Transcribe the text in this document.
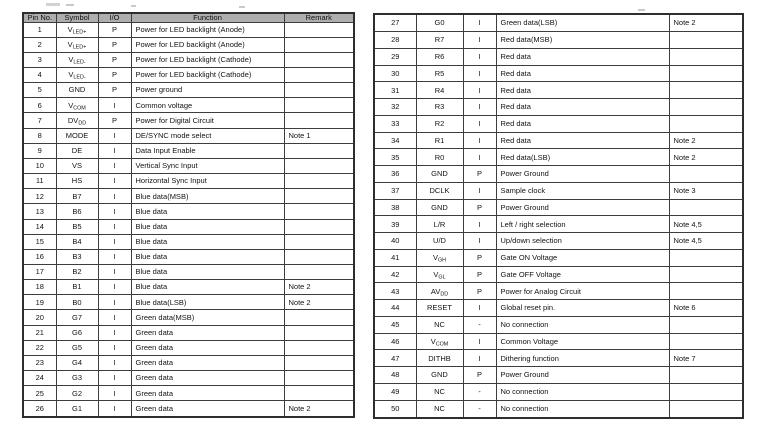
Pin No.	Symbol	I/O	Function	Remark
1	$V_{LED+}$	P	Power for LED backlight (Anode)	
2	$V_{LED+}$	P	Power for LED backlight (Anode)	
3	$V_{LED-}$	P	Power for LED backlight (Cathode)	
4	$V_{LED-}$	P	Power for LED backlight (Cathode)	
5	GND	P	Power ground	
6	$V_{COM}$	I	Common voltage	
7	$DV_{DD}$	P	Power for Digital Circuit	
8	MODE	I	DE/SYNC mode select	Note 1
9	DE	I	Data Input Enable	
10	VS	I	Vertical Sync Input	
11	HS	I	Horizontal Sync Input	
12	B7	I	Blue data(MSB)	
13	B6	I	Blue data	
14	B5	I	Blue data	
15	B4	I	Blue data	
16	B3	I	Blue data	
17	B2	I	Blue data	
18	B1	I	Blue data	Note 2
19	B0	I	Blue data(LSB)	Note 2
20	G7	I	Green data(MSB)	
21	G6	I	Green data	
22	G5	I	Green data	
23	G4	I	Green data	
24	G3	I	Green data	
25	G2	I	Green data	
26	G1	I	Green data	Note 2
27	G0	I	Green data(LSB)	Note 2
28	R7	I	Red data(MSB)	
29	R6	I	Red data	
30	R5	I	Red data	
31	R4	I	Red data	
32	R3	I	Red data	
33	R2	I	Red data	
34	R1	I	Red data	Note 2
35	R0	I	Red data(LSB)	Note 2
36	GND	P	Power Ground	
37	DCLK	I	Sample clock	Note 3
38	GND	P	Power Ground	
39	L/R	I	Left / right selection	Note 4,5
40	U/D	I	Up/down selection	Note 4,5
41	$V_{GH}$	P	Gate ON Voltage	
42	$V_{GL}$	P	Gate OFF Voltage	
43	$AV_{DD}$	P	Power for Analog Circuit	
44	RESET	I	Global reset pin.	Note 6
45	NC	-	No connection	
46	$V_{COM}$	I	Common Voltage	
47	DITHB	I	Dithering function	Note 7
48	GND	P	Power Ground	
49	NC	-	No connection	
50	NC	-	No connection	
